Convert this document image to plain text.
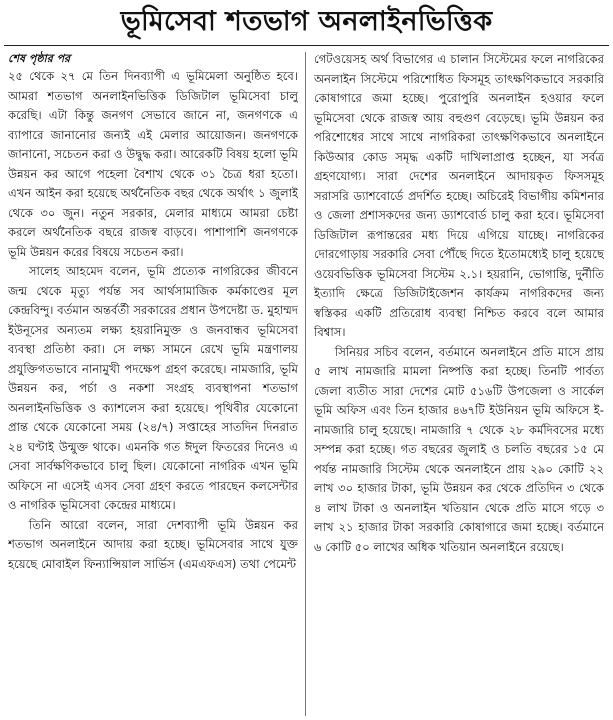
ভূমিসেবা শতভাগ অনলাইনভিত্তিক
শেষ পৃষ্ঠার পর

২৫ থেকে ২৭ মে তিন দিনব্যাপী এ ভূমিমেলা অনুষ্ঠিত হবে। আমরা শতভাগ অনলাইনভিত্তিক ডিজিটাল ভূমিসেবা চালু করেছি। এটা কিন্তু জনগণ সেভাবে জানে না, জনগণকে এ ব্যাপারে জানানোর জন্যই এই মেলার আয়োজন। জনগণকে জানানো, সচেতন করা ও উদ্বুদ্ধ করা। আরেকটি বিষয় হলো ভূমি উন্নয়ন কর আগে পহেলা বৈশাখ থেকে ৩১ চৈত্র ধরা হতো। এখন আইন করা হয়েছে অর্থনৈতিক বছর থেকে অর্থাৎ ১ জুলাই থেকে ৩০ জুন। নতুন সরকার, মেলার মাধ্যমে আমরা চেষ্টা করলে অর্থনৈতিক বছরে রাজস্ব বাড়বে। পাশাপাশি জনগণকে ভূমি উন্নয়ন করের বিষয়ে সচেতন করা।

সালেহ আহমেদ বলেন, ভূমি প্রত্যেক নাগরিকের জীবনে জন্ম থেকে মৃত্যু পর্যন্ত সব আর্থসামাজিক কর্মকাণ্ডের মূল কেন্দ্রবিন্দু। বর্তমান অন্তর্বর্তী সরকারের প্রধান উপদেষ্টা ড. মুহাম্মদ ইউনূসের অন্যতম লক্ষ্য হয়রানিমুক্ত ও জনবান্ধব ভূমিসেবা ব্যবস্থা প্রতিষ্ঠা করা। সে লক্ষ্য সামনে রেখে ভূমি মন্ত্রণালয় প্রযুক্তিগতভাবে নানামুখী পদক্ষেপ গ্রহণ করেছে। নামজারি, ভূমি উন্নয়ন কর, পর্চা ও নকশা সংগ্রহ ব্যবস্থাপনা শতভাগ অনলাইনভিত্তিক ও ক্যাশলেস করা হয়েছে। পৃথিবীর যেকোনো প্রান্ত থেকে যেকোনো সময় (২৪/৭) সপ্তাহের সাতদিন দিনরাত ২৪ ঘণ্টাই উন্মুক্ত থাকে। এমনকি গত ঈদুল ফিতরের দিনেও এ সেবা সার্বক্ষণিকভাবে চালু ছিল। যেকোনো নাগরিক এখন ভূমি অফিসে না এসেই এসব সেবা গ্রহণ করতে পারছেন কলসেন্টার ও নাগরিক ভূমিসেবা কেন্দ্রের মাধ্যমে।

তিনি আরো বলেন, সারা দেশব্যাপী ভূমি উন্নয়ন কর শতভাগ অনলাইনে আদায় করা হচ্ছে। ভূমিসেবার সাথে যুক্ত হয়েছে মোবাইল ফিন্যান্সিয়াল সার্ভিস (এমএফএস) তথা পেমেন্ট

গেটওয়েসহ অর্থ বিভাগের এ চালান সিস্টেমের ফলে নাগরিকের অনলাইন সিস্টেমে পরিশোধিত ফিসমূহ তাৎক্ষণিকভাবে সরকারি কোষাগারে জমা হচ্ছে। পুরোপুরি অনলাইন হওয়ার ফলে ভূমিসেবা থেকে রাজস্ব আয় বহুগুণ বেড়েছে। ভূমি উন্নয়ন কর পরিশোধের সাথে সাথে নাগরিকরা তাৎক্ষণিকভাবে অনলাইনে কিউআর কোড সমৃদ্ধ একটি দাখিলাপ্রাপ্ত হচ্ছেন, যা সর্বত্র গ্রহণযোগ্য। সারা দেশের অনলাইনে আদায়কৃত ফিসসমূহ সরাসরি ড্যাশবোর্ডে প্রদর্শিত হচ্ছে। অচিরেই বিভাগীয় কমিশনার ও জেলা প্রশাসকদের জন্য ড্যাশবোর্ড চালু করা হবে। ভূমিসেবা ডিজিটাল রূপান্তরের মধ্য দিয়ে এগিয়ে যাচ্ছে। নাগরিকের দোরগোড়ায় সরকারি সেবা পৌঁছে দিতে ইতোমধ্যেই চালু হয়েছে ওয়েবভিত্তিক ভূমিসেবা সিস্টেম ২.১। হয়রানি, ভোগান্তি, দুর্নীতি ইত্যাদি ক্ষেত্রে ডিজিটাইজেশন কার্যক্রম নাগরিকদের জন্য স্বস্তিকর একটি প্রতিরোধ ব্যবস্থা নিশ্চিত করবে বলে আমার বিশ্বাস।

সিনিয়র সচিব বলেন, বর্তমানে অনলাইনে প্রতি মাসে প্রায় ৫ লাখ নামজারি মামলা নিষ্পত্তি করা হচ্ছে। তিনটি পার্বত্য জেলা ব্যতীত সারা দেশের মোট ৫১৬টি উপজেলা ও সার্কেল ভূমি অফিস এবং তিন হাজার ৪৬৭টি ইউনিয়ন ভূমি অফিসে ই-নামজারি চালু হয়েছে। নামজারি ৭ থেকে ২৮ কর্মদিবসের মধ্যে সম্পন্ন করা হচ্ছে। গত বছরের জুলাই ও চলতি বছরের ১৫ মে পর্যন্ত নামজারি সিস্টেম থেকে অনলাইনে প্রায় ২৯০ কোটি ২২ লাখ ৩০ হাজার টাকা, ভূমি উন্নয়ন কর থেকে প্রতিদিন ৩ থেকে ৪ লাখ টাকা ও অনলাইন খতিয়ান থেকে প্রতি মাসে গড়ে ৩ লাখ ২১ হাজার টাকা সরকারি কোষাগারে জমা হচ্ছে। বর্তমানে ৬ কোটি ৫০ লাখের অধিক খতিয়ান অনলাইনে রয়েছে।
